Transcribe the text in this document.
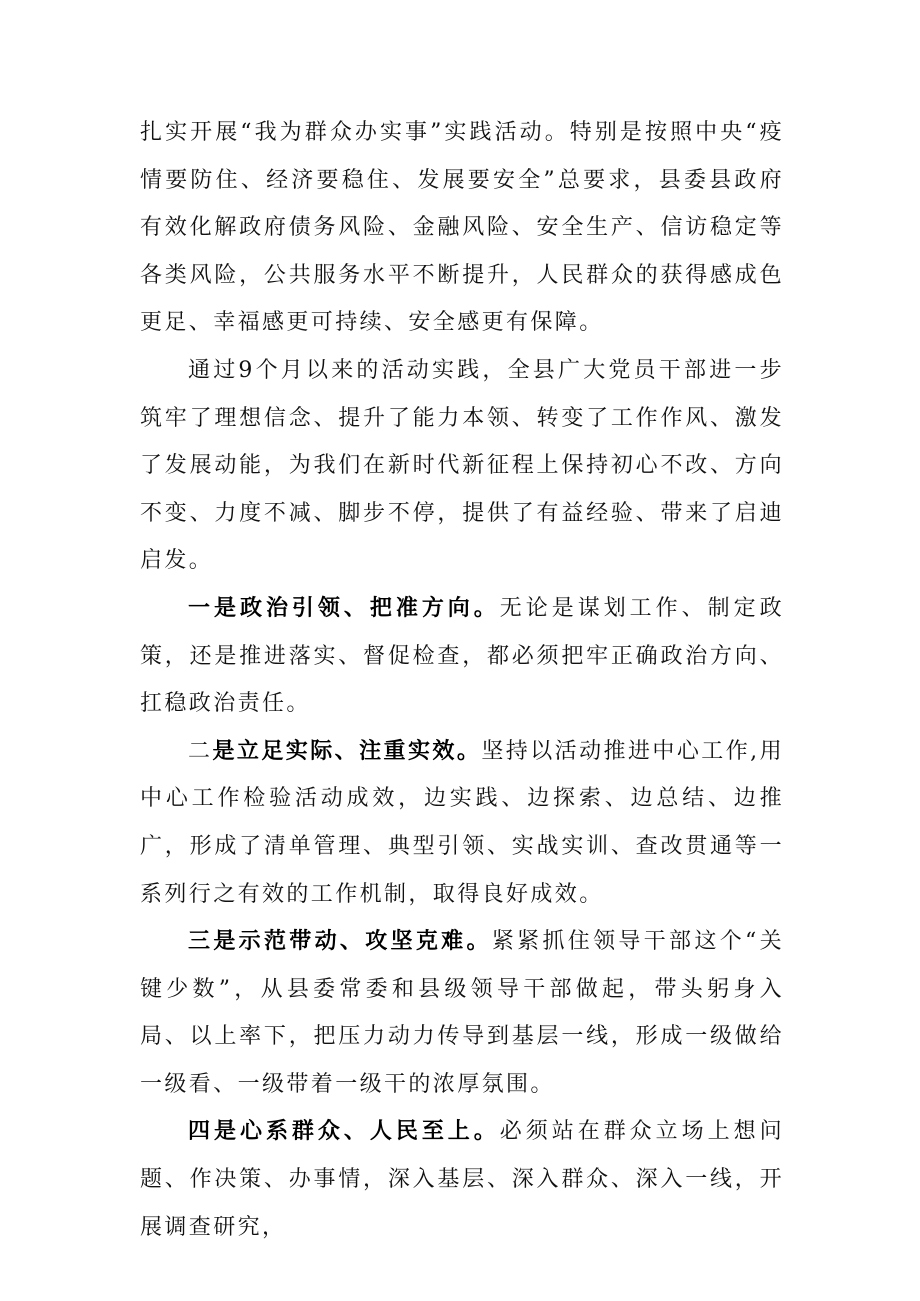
扎实开展“我为群众办实事”实践活动。特别是按照中央“疫情要防住、经济要稳住、发展要安全”总要求，县委县政府有效化解政府债务风险、金融风险、安全生产、信访稳定等各类风险，公共服务水平不断提升，人民群众的获得感成色更足、幸福感更可持续、安全感更有保障。

通过9个月以来的活动实践，全县广大党员干部进一步筑牢了理想信念、提升了能力本领、转变了工作作风、激发了发展动能，为我们在新时代新征程上保持初心不改、方向不变、力度不减、脚步不停，提供了有益经验、带来了启迪启发。

一是政治引领、把准方向。无论是谋划工作、制定政策，还是推进落实、督促检查，都必须把牢正确政治方向、扛稳政治责任。

二是立足实际、注重实效。坚持以活动推进中心工作,用中心工作检验活动成效，边实践、边探索、边总结、边推广，形成了清单管理、典型引领、实战实训、查改贯通等一系列行之有效的工作机制，取得良好成效。

三是示范带动、攻坚克难。紧紧抓住领导干部这个“关键少数”，从县委常委和县级领导干部做起，带头躬身入局、以上率下，把压力动力传导到基层一线，形成一级做给一级看、一级带着一级干的浓厚氛围。

四是心系群众、人民至上。必须站在群众立场上想问题、作决策、办事情，深入基层、深入群众、深入一线，开展调查研究，
